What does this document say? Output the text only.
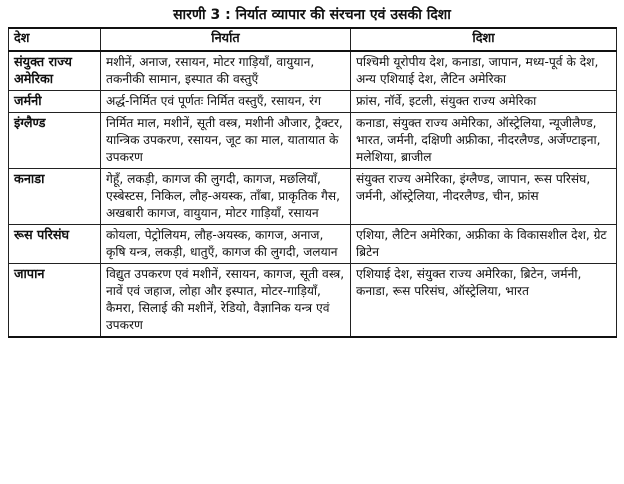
सारणी 3 : निर्यात व्यापार की संरचना एवं उसकी दिशा
देश	निर्यात	दिशा
संयुक्त राज्य अमेरिका	मशीनें, अनाज, रसायन, मोटर गाड़ियाँ, वायुयान, तकनीकी सामान, इस्पात की वस्तुएँ	पश्चिमी यूरोपीय देश, कनाडा, जापान, मध्य-पूर्व के देश, अन्य एशियाई देश, लैटिन अमेरिका
जर्मनी	अर्द्ध-निर्मित एवं पूर्णतः निर्मित वस्तुएँ, रसायन, रंग	फ्रांस, नॉर्वे, इटली, संयुक्त राज्य अमेरिका
इंग्लैण्ड	निर्मित माल, मशीनें, सूती वस्त्र, मशीनी औजार, ट्रैक्टर, यान्त्रिक उपकरण, रसायन, जूट का माल, यातायात के उपकरण	कनाडा, संयुक्त राज्य अमेरिका, ऑस्ट्रेलिया, न्यूजीलैण्ड, भारत, जर्मनी, दक्षिणी अफ्रीका, नीदरलैण्ड, अर्जेण्टाइना, मलेशिया, ब्राजील
कनाडा	गेहूँ, लकड़ी, कागज की लुगदी, कागज, मछलियाँ, एस्बेस्टस, निकिल, लौह-अयस्क, ताँबा, प्राकृतिक गैस, अखबारी कागज, वायुयान, मोटर गाड़ियाँ, रसायन	संयुक्त राज्य अमेरिका, इंग्लैण्ड, जापान, रूस परिसंघ, जर्मनी, ऑस्ट्रेलिया, नीदरलैण्ड, चीन, फ्रांस
रूस परिसंघ	कोयला, पेट्रोलियम, लौह-अयस्क, कागज, अनाज, कृषि यन्त्र, लकड़ी, धातुएँ, कागज की लुगदी, जलयान	एशिया, लैटिन अमेरिका, अफ्रीका के विकासशील देश, ग्रेट ब्रिटेन
जापान	विद्युत उपकरण एवं मशीनें, रसायन, कागज, सूती वस्त्र, नावें एवं जहाज, लोहा और इस्पात, मोटर-गाड़ियाँ, कैमरा, सिलाई की मशीनें, रेडियो, वैज्ञानिक यन्त्र एवं उपकरण	एशियाई देश, संयुक्त राज्य अमेरिका, ब्रिटेन, जर्मनी, कनाडा, रूस परिसंघ, ऑस्ट्रेलिया, भारत
